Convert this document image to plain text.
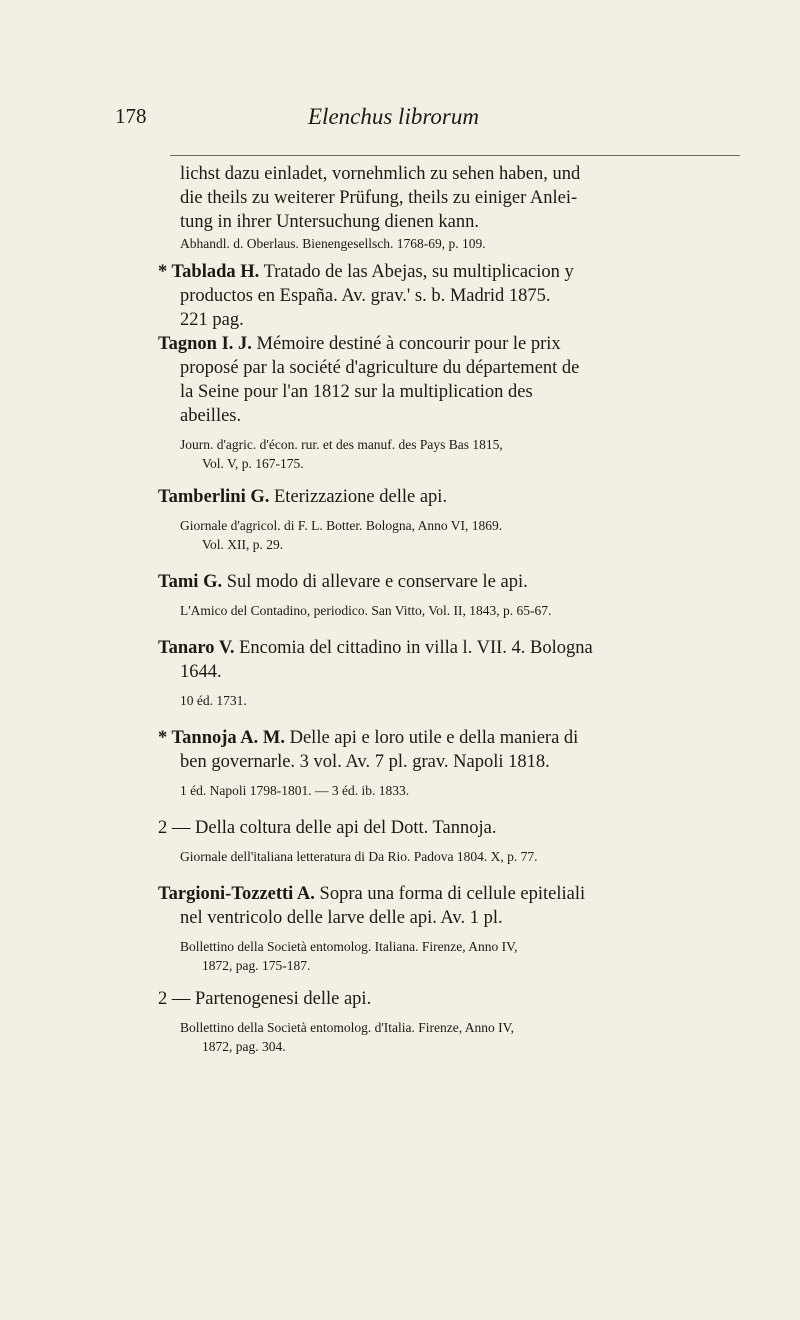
178	Elenchus librorum
lichst dazu einladet, vornehmlich zu sehen haben, und
die theils zu weiterer Prüfung, theils zu einiger Anlei-
tung in ihrer Untersuchung dienen kann.
Abhandl. d. Oberlaus. Bienengesellsch. 1768-69, p. 109.
* Tablada H. Tratado de las Abejas, su multiplicacion y
productos en España. Av. grav.' s. b. Madrid 1875.
221 pag.
Tagnon I. J. Mémoire destiné à concourir pour le prix
proposé par la société d'agriculture du département de
la Seine pour l'an 1812 sur la multiplication des
abeilles.
Journ. d'agric. d'écon. rur. et des manuf. des Pays Bas 1815,
Vol. V, p. 167-175.
Tamberlini G. Eterizzazione delle api.
Giornale d'agricol. di F. L. Botter. Bologna, Anno VI, 1869.
Vol. XII, p. 29.
Tami G. Sul modo di allevare e conservare le api.
L'Amico del Contadino, periodico. San Vitto, Vol. II, 1843, p. 65-67.
Tanaro V. Encomia del cittadino in villa l. VII. 4. Bologna
1644.
10 éd. 1731.
* Tannoja A. M. Delle api e loro utile e della maniera di
ben governarle. 3 vol. Av. 7 pl. grav. Napoli 1818.
1 éd. Napoli 1798-1801. — 3 éd. ib. 1833.
2 — Della coltura delle api del Dott. Tannoja.
Giornale dell'italiana letteratura di Da Rio. Padova 1804. X, p. 77.
Targioni-Tozzetti A. Sopra una forma di cellule epiteliali
nel ventricolo delle larve delle api. Av. 1 pl.
Bollettino della Società entomolog. Italiana. Firenze, Anno IV,
1872, pag. 175-187.
2 — Partenogenesi delle api.
Bollettino della Società entomolog. d'Italia. Firenze, Anno IV,
1872, pag. 304.
